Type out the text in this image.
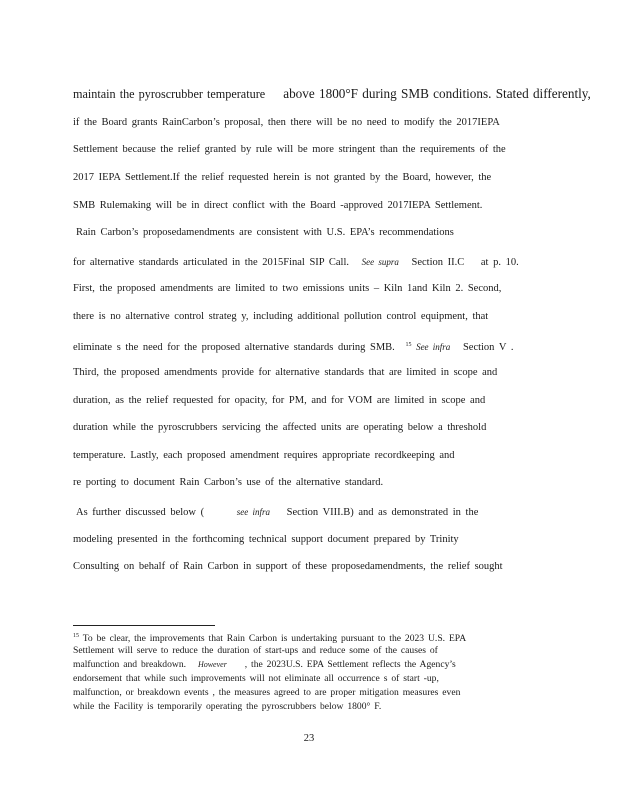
maintain the pyroscrubber temperature above 1800°F during SMB conditions. Stated differently,
if the Board grants RainCarbon’s proposal, then there will be no need to modify the 2017IEPA
Settlement because the relief granted by rule will be more stringent than the requirements of the
2017 IEPA Settlement.If the relief requested herein is not granted by the Board, however, the
SMB Rulemaking will be in direct conflict with the Board -approved 2017IEPA Settlement.
Rain Carbon’s proposedamendments are consistent with U.S. EPA’s recommendations
for alternative standards articulated in the 2015Final SIP Call. See supra Section II.C at p. 10.
First, the proposed amendments are limited to two emissions units – Kiln 1and Kiln 2. Second,
there is no alternative control strateg y, including additional pollution control equipment, that
eliminate s the need for the proposed alternative standards during SMB. $^{15}$ See infra Section V .
Third, the proposed amendments provide for alternative standards that are limited in scope and
duration, as the relief requested for opacity, for PM, and for VOM are limited in scope and
duration while the pyroscrubbers servicing the affected units are operating below a threshold
temperature. Lastly, each proposed amendment requires appropriate recordkeeping and
re porting to document Rain Carbon’s use of the alternative standard.
As further discussed below (	see infra Section VIII.B) and as demonstrated in the
modeling presented in the forthcoming technical support document prepared by Trinity
Consulting on behalf of Rain Carbon in support of these proposedamendments, the relief sought
$^{15}$ To be clear, the improvements that Rain Carbon is undertaking pursuant to the 2023 U.S. EPA
Settlement will serve to reduce the duration of start-ups and reduce some of the causes of
malfunction and breakdown. However , the 2023U.S. EPA Settlement reflects the Agency’s
endorsement that while such improvements will not eliminate all occurrence s of start -up,
malfunction, or breakdown events , the measures agreed to are proper mitigation measures even
while the Facility is temporarily operating the pyroscrubbers below 1800° F.
23
